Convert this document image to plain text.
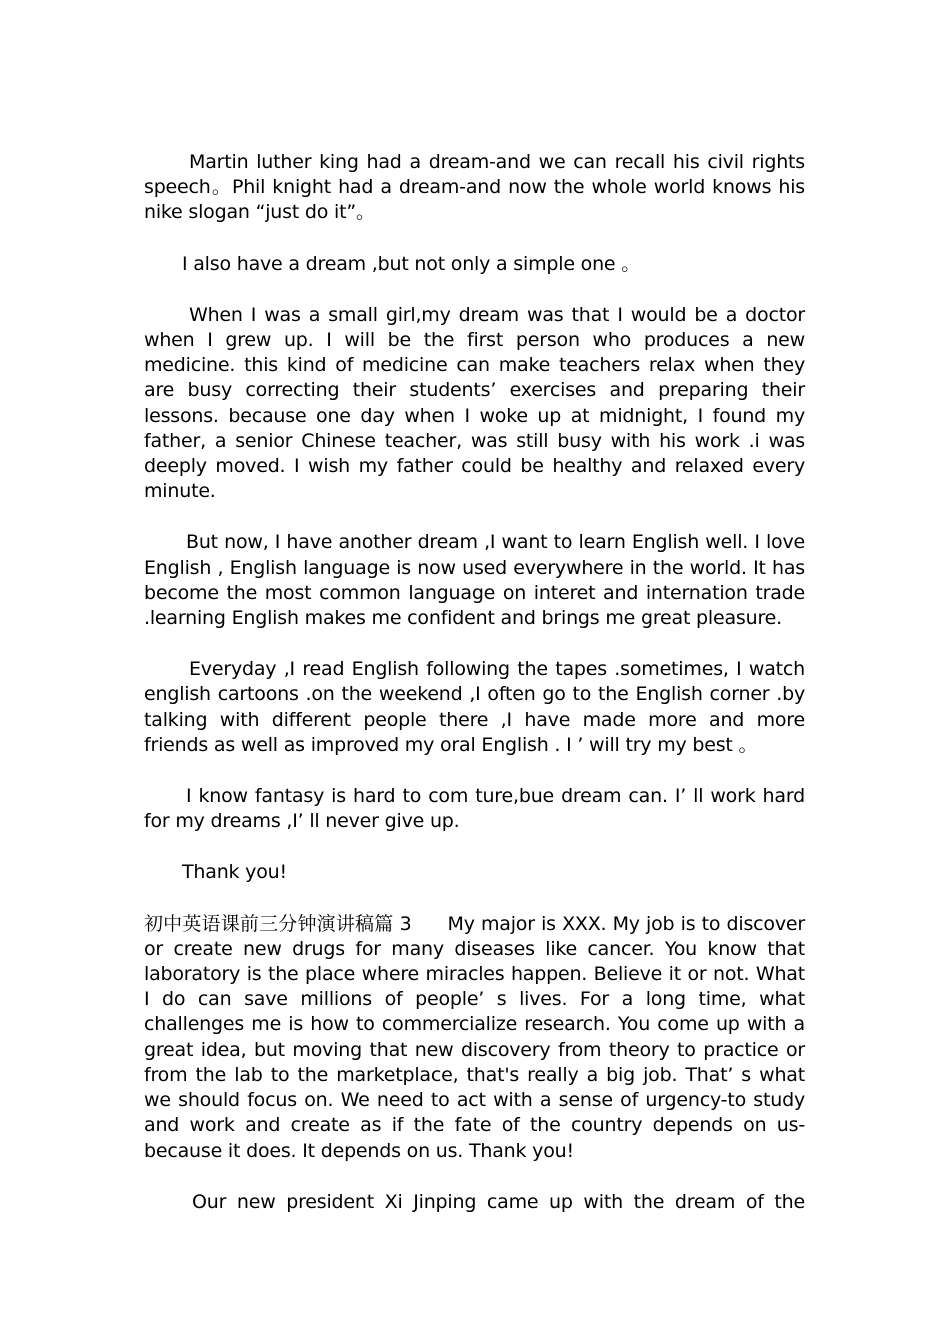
Martin luther king had a dream-and we can recall his civil rights speech。Phil knight had a dream-and now the whole world knows his nike slogan “just do it”。

I also have a dream ,but not only a simple one 。

When I was a small girl,my dream was that I would be a doctor when I grew up. I will be the first person who produces a new medicine. this kind of medicine can make teachers relax when they are busy correcting their students’ exercises and preparing their lessons. because one day when I woke up at midnight, I found my father, a senior Chinese teacher, was still busy with his work .i was deeply moved. I wish my father could be healthy and relaxed every minute.

But now, I have another dream ,I want to learn English well. I love English , English language is now used everywhere in the world. It has become the most common language on interet and internation trade .learning English makes me confident and brings me great pleasure.

Everyday ,I read English following the tapes .sometimes, I watch english cartoons .on the weekend ,I often go to the English corner .by talking with different people there ,I have made more and more friends as well as improved my oral English . I ’ will try my best 。

I know fantasy is hard to com ture,bue dream can. I’ ll work hard for my dreams ,I’ ll never give up.

Thank you!

初中英语课前三分钟演讲稿篇 3 My major is XXX. My job is to discover or create new drugs for many diseases like cancer. You know that laboratory is the place where miracles happen. Believe it or not. What I do can save millions of people’ s lives. For a long time, what challenges me is how to commercialize research. You come up with a great idea, but moving that new discovery from theory to practice or from the lab to the marketplace, that's really a big job. That’ s what we should focus on. We need to act with a sense of urgency-to study and work and create as if the fate of the country depends on us-because it does. It depends on us. Thank you!

Our new president Xi Jinping came up with the dream of the
